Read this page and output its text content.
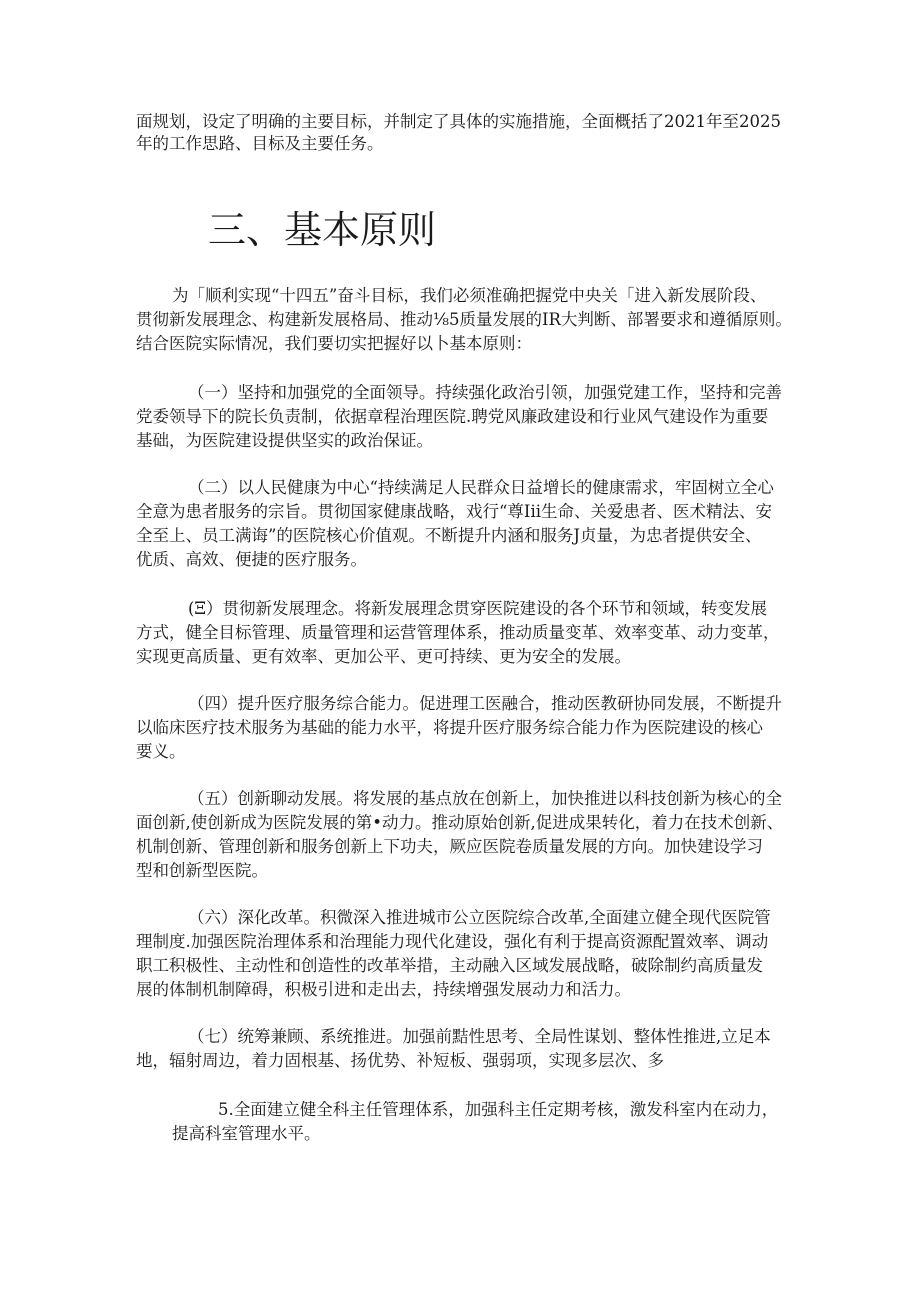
面规划，设定了明确的主要目标，并制定了具体的实施措施，全面概括了2021年至2025
年的工作思路、目标及主要任务。
三、基本原则
为「顺利实现“十四五”奋斗目标，我们必须准确把握党中央关「进入新发展阶段、
贯彻新发展理念、构建新发展格局、推动⅛5质量发展的IR大判断、部署要求和遵循原则。
结合医院实际情况，我们要切实把握好以卜基本原则：
（一）坚持和加强党的全面领导。持续强化政治引领，加强党建工作，坚持和完善
党委领导下的院长负责制，依据章程治理医院.聘党风廉政建设和行业风气建设作为重要
基础，为医院建设提供坚实的政治保证。
（二）以人民健康为中心“持续满足人民群众日益增长的健康需求，牢固树立全心
全意为患者服务的宗旨。贯彻国家健康战略，戏行“尊Iii生命、关爱患者、医术精法、安
全至上、员工满诲”的医院核心价值观。不断提升内涵和服务J贞量，为忠者提供安全、
优质、高效、便捷的医疗服务。
(Ξ）贯彻新发展理念。将新发展理念贯穿医院建设的各个环节和领域，转变发展
方式，健全目标管理、质量管理和运营管理体系，推动质量变革、效率变革、动力变革，
实现更高质量、更有效率、更加公平、更可持续、更为安全的发展。
（四）提升医疗服务综合能力。促进理工医融合，推动医教研协同发展，不断提升
以临床医疗技术服务为基础的能力水平，将提升医疗服务综合能力作为医院建设的核心
要义。
（五）创新聊动发展。将发展的基点放在创新上，加快推进以科技创新为核心的全
面创新,使创新成为医院发展的第•动力。推动原始创新,促进成果转化，着力在技术创新、
机制创新、管理创新和服务创新上下功夫，厥应医院卷质量发展的方向。加快建设学习
型和创新型医院。
（六）深化改革。积微深入推进城市公立医院综合改革,全面建立健全现代医院管
理制度.加强医院治理体系和治理能力现代化建设，强化有利于提高资源配置效率、调动
职工积极性、主动性和创造性的改革举措，主动融入区域发展战略，破除制约高质量发
展的体制机制障碍，积极引进和走出去，持续增强发展动力和活力。
（七）统筹兼顾、系统推进。加强前黠性思考、全局性谋划、整体性推进,立足本
地，辐射周边，着力固根基、扬优势、补短板、强弱项，实现多层次、多
5.全面建立健全科主任管理体系，加强科主任定期考核，激发科室内在动力，
提高科室管理水平。
